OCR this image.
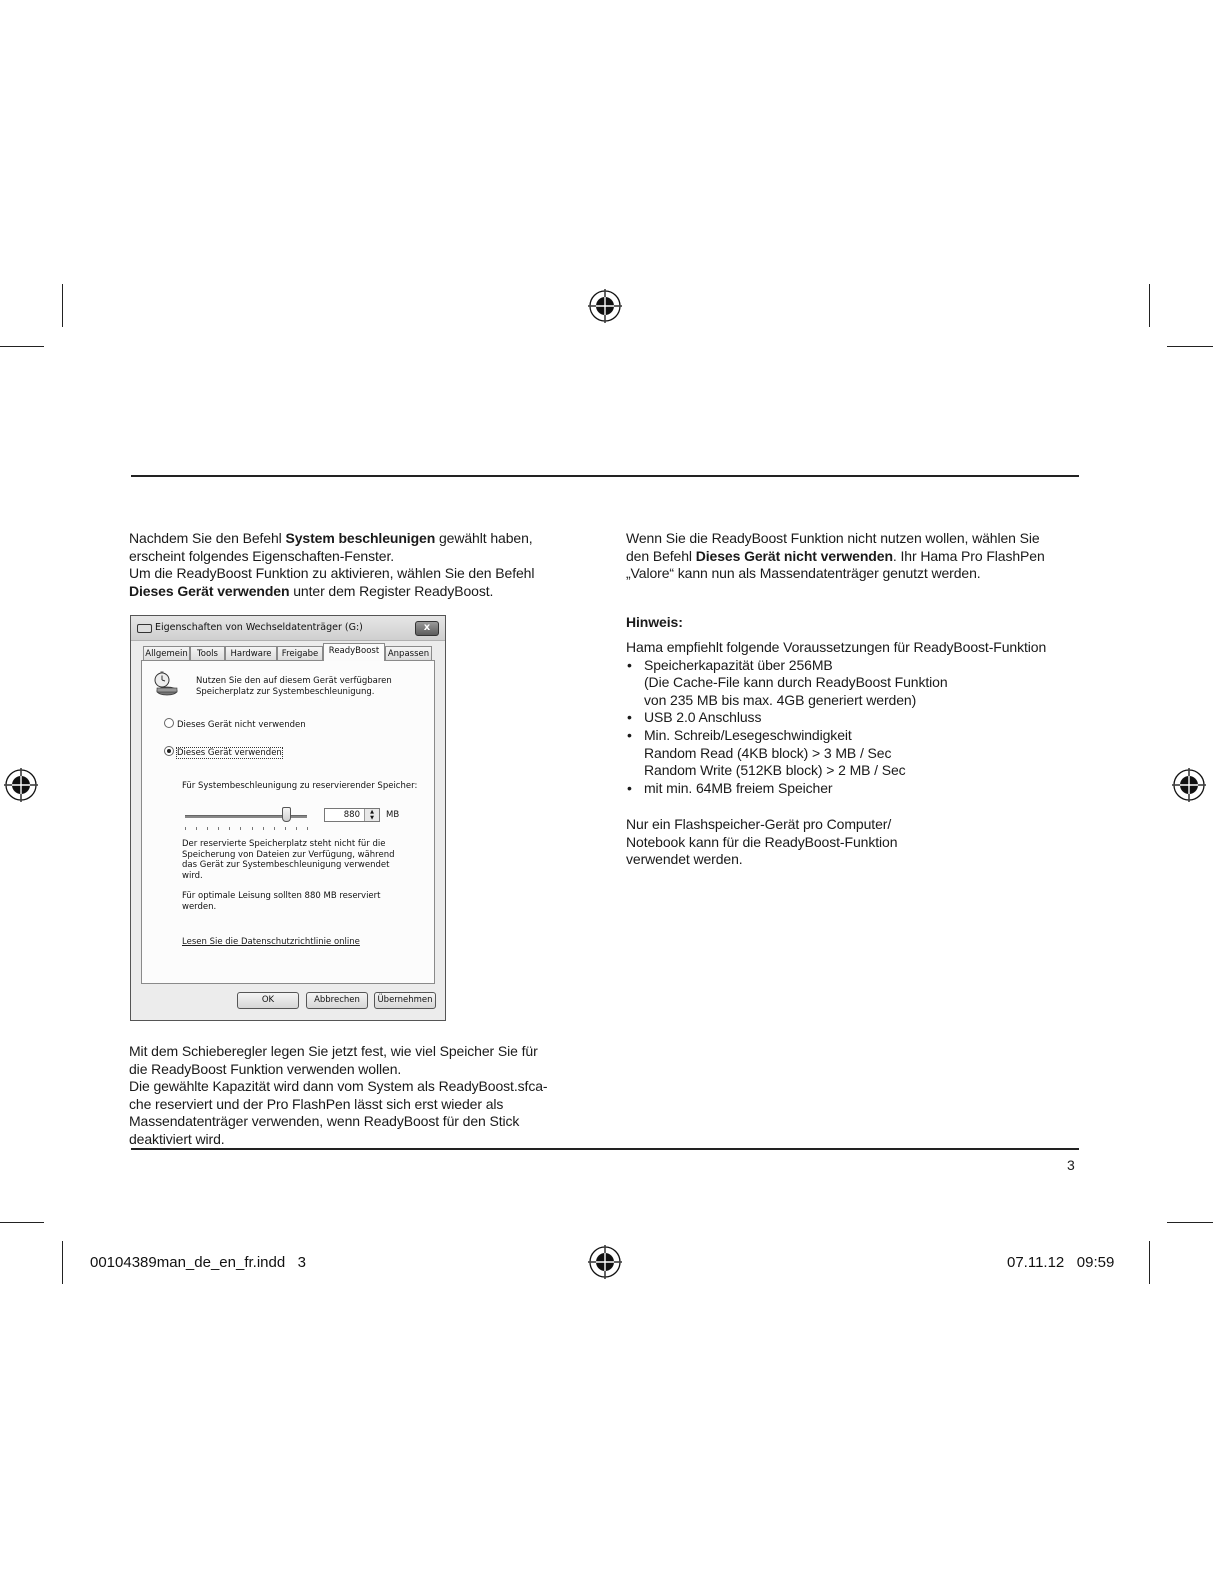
Nachdem Sie den Befehl System beschleunigen gewählt haben,

erscheint folgendes Eigenschaften-Fenster.

Um die ReadyBoost Funktion zu aktivieren, wählen Sie den Befehl

Dieses Gerät verwenden unter dem Register ReadyBoost.

Eigenschaften von Wechseldatenträger (G:)	x
Allgemein	Tools	Hardware	Freigabe	ReadyBoost	Anpassen
Nutzen Sie den auf diesem Gerät verfügbaren
Speicherplatz zur Systembeschleunigung.
Dieses Gerät nicht verwenden
Dieses Gerät verwenden
Für Systembeschleunigung zu reservierender Speicher:
880	▲
▼	MB
Der reservierte Speicherplatz steht nicht für die
Speicherung von Dateien zur Verfügung, während
das Gerät zur Systembeschleunigung verwendet
wird.
Für optimale Leisung sollten 880 MB reserviert
werden.
Lesen Sie die Datenschutzrichtlinie online
OK	Abbrechen	Übernehmen

Mit dem Schieberegler legen Sie jetzt fest, wie viel Speicher Sie für

die ReadyBoost Funktion verwenden wollen.

Die gewählte Kapazität wird dann vom System als ReadyBoost.sfca-

che reserviert und der Pro FlashPen lässt sich erst wieder als

Massendatenträger verwenden, wenn ReadyBoost für den Stick

deaktiviert wird.

Wenn Sie die ReadyBoost Funktion nicht nutzen wollen, wählen Sie

den Befehl Dieses Gerät nicht verwenden. Ihr Hama Pro FlashPen

„Valore“ kann nun als Massendatenträger genutzt werden.

Hinweis:

Hama empfiehlt folgende Voraussetzungen für ReadyBoost-Funktion

• Speicherkapazität über 256MB
(Die Cache-File kann durch ReadyBoost Funktion
von 235 MB bis max. 4GB generiert werden)
• USB 2.0 Anschluss
• Min. Schreib/Lesegeschwindigkeit
Random Read (4KB block) > 3 MB / Sec
Random Write (512KB block) > 2 MB / Sec
• mit min. 64MB freiem Speicher

Nur ein Flashspeicher-Gerät pro Computer/

Notebook kann für die ReadyBoost-Funktion

verwendet werden.

3
00104389man_de_en_fr.indd   3	07.11.12   09:59
